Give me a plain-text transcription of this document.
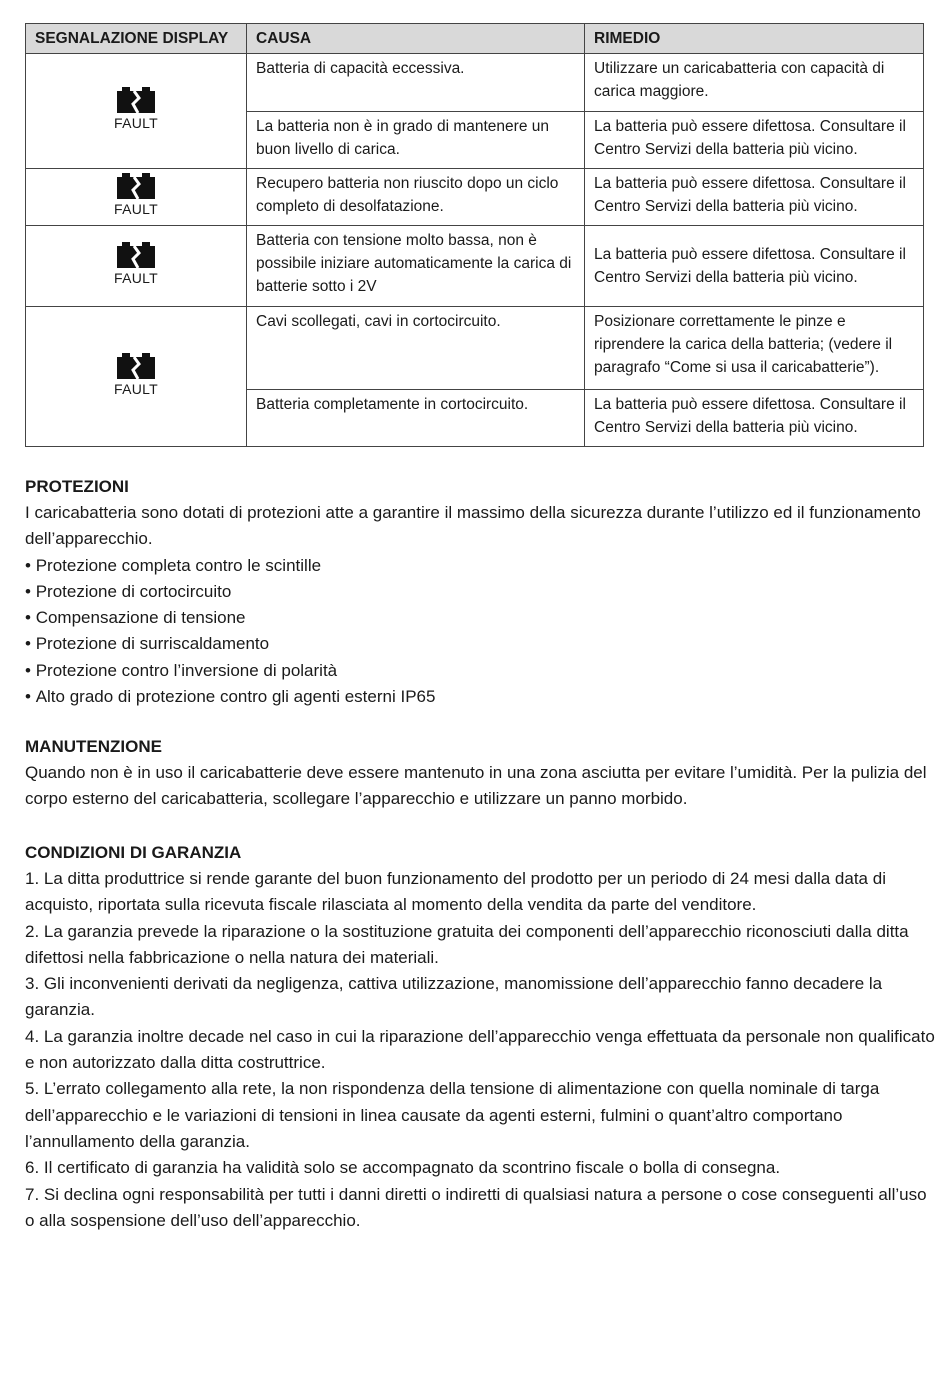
SEGNALAZIONE DISPLAY	CAUSA	RIMEDIO

FAULT	Batteria di capacità eccessiva.	Utilizzare un caricabatteria con capacità di carica maggiore.
	La batteria non è in grado di mantenere un buon livello di carica.	La batteria può essere difettosa. Consultare il Centro Servizi della batteria più vicino.

FAULT	Recupero batteria non riuscito dopo un ciclo completo di desolfatazione.	La batteria può essere difettosa. Consultare il Centro Servizi della batteria più vicino.

FAULT	Batteria con tensione molto bassa, non è possibile iniziare automaticamente la carica di batterie sotto i 2V	La batteria può essere difettosa. Consultare il Centro Servizi della batteria più vicino.

FAULT	Cavi scollegati, cavi in cortocircuito.	Posizionare correttamente le pinze e riprendere la carica della batteria; (vedere il paragrafo “Come si usa il caricabatterie”).
	Batteria completamente in cortocircuito.	La batteria può essere difettosa. Consultare il Centro Servizi della batteria più vicino.
PROTEZIONI

I caricabatteria sono dotati di protezioni atte a garantire il massimo della sicurezza durante l’utilizzo ed il funzionamento dell’apparecchio.

• Protezione completa contro le scintille
• Protezione di cortocircuito
• Compensazione di tensione
• Protezione di surriscaldamento
• Protezione contro l’inversione di polarità
• Alto grado di protezione contro gli agenti esterni IP65
MANUTENZIONE

Quando non è in uso il caricabatterie deve essere mantenuto in una zona asciutta per evitare l’umidità. Per la pulizia del corpo esterno del caricabatteria, scollegare l’apparecchio e utilizzare un panno morbido.

CONDIZIONI DI GARANZIA

1. La ditta produttrice si rende garante del buon funzionamento del prodotto per un periodo di 24 mesi dalla data di acquisto, riportata sulla ricevuta fiscale rilasciata al momento della vendita da parte del venditore.

2. La garanzia prevede la riparazione o la sostituzione gratuita dei componenti dell’apparecchio riconosciuti dalla ditta difettosi nella fabbricazione o nella natura dei materiali.

3. Gli inconvenienti derivati da negligenza, cattiva utilizzazione, manomissione dell’apparecchio fanno decadere la garanzia.

4. La garanzia inoltre decade nel caso in cui la riparazione dell’apparecchio venga effettuata da personale non qualificato e non autorizzato dalla ditta costruttrice.

5. L’errato collegamento alla rete, la non rispondenza della tensione di alimentazione con quella nominale di targa dell’apparecchio e le variazioni di tensioni in linea causate da agenti esterni, fulmini o quant’altro comportano l’annullamento della garanzia.

6. Il certificato di garanzia ha validità solo se accompagnato da scontrino fiscale o bolla di consegna.

7. Si declina ogni responsabilità per tutti i danni diretti o indiretti di qualsiasi natura a persone o cose conseguenti all’uso o alla sospensione dell’uso dell’apparecchio.
